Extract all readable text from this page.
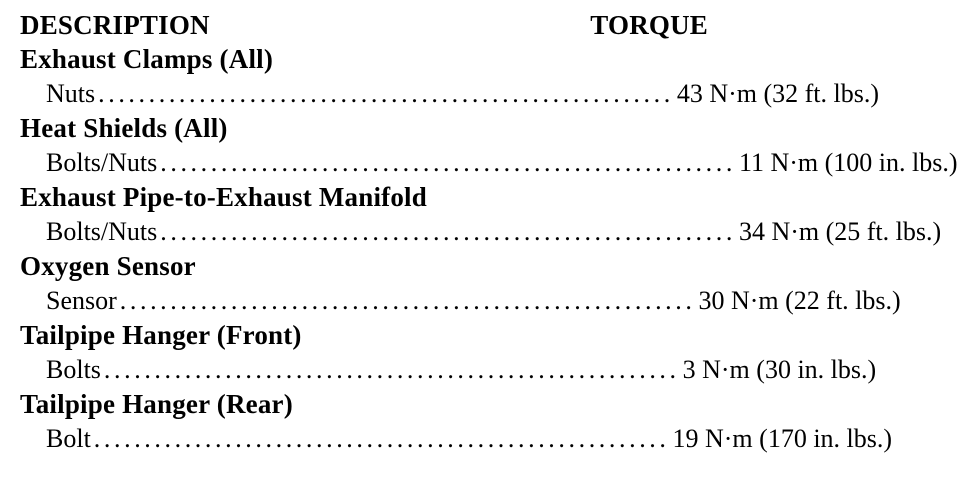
DESCRIPTION	TORQUE
Exhaust Clamps (All)
Nuts ......................................................... 43 N·m (32 ft. lbs.)
Heat Shields (All)
Bolts/Nuts ......................................................... 11 N·m (100 in. lbs.)
Exhaust Pipe-to-Exhaust Manifold
Bolts/Nuts ......................................................... 34 N·m (25 ft. lbs.)
Oxygen Sensor
Sensor ......................................................... 30 N·m (22 ft. lbs.)
Tailpipe Hanger (Front)
Bolts ......................................................... 3 N·m (30 in. lbs.)
Tailpipe Hanger (Rear)
Bolt ......................................................... 19 N·m (170 in. lbs.)
